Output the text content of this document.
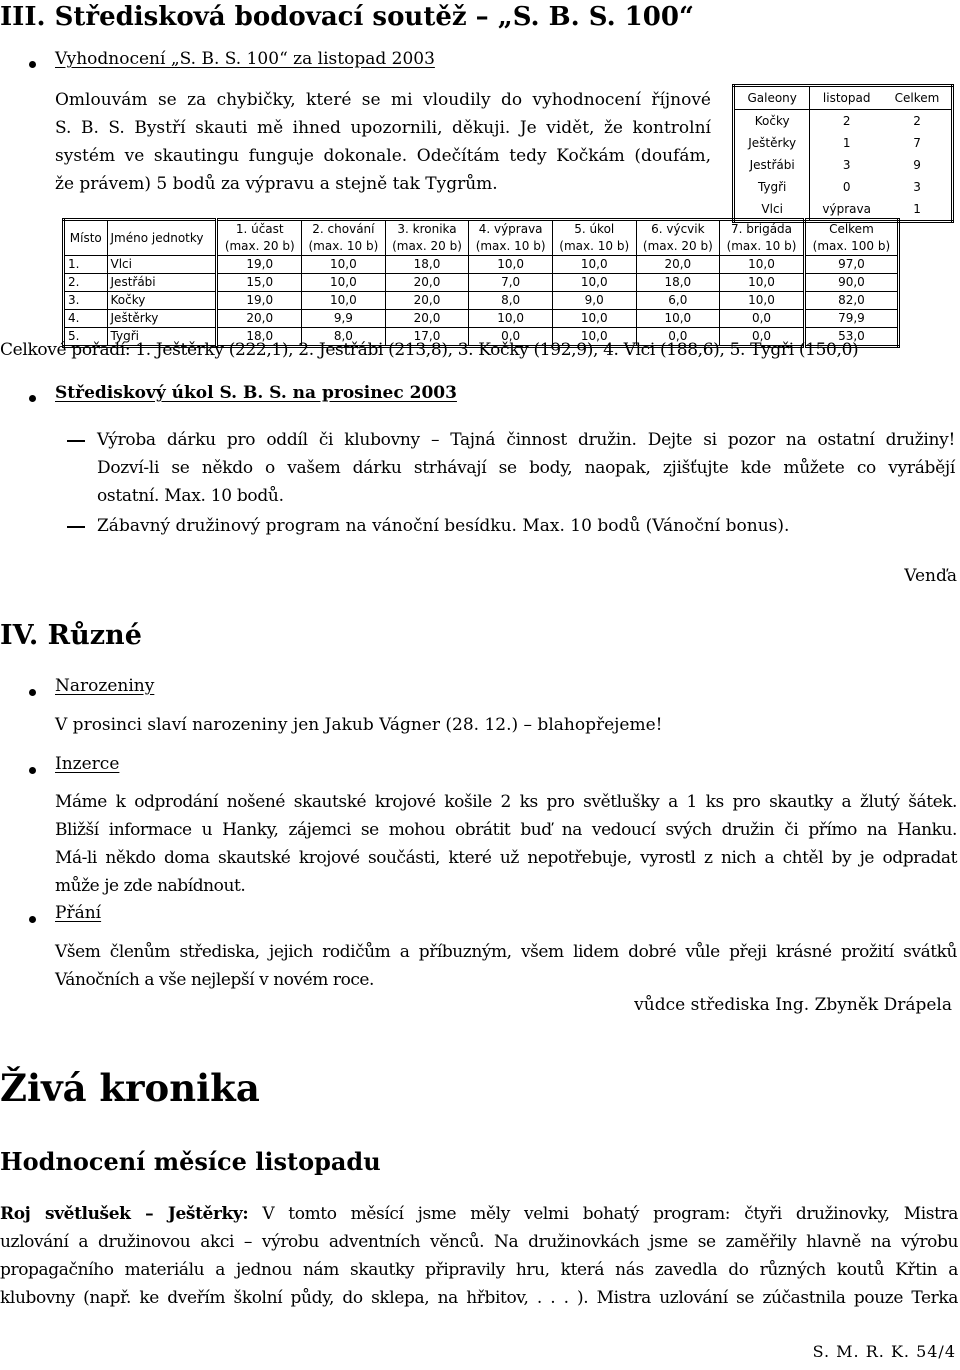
III. Středisková bodovací soutěž – „S. B. S. 100“
Vyhodnocení „S. B. S. 100“ za listopad 2003
Omlouvám se za chybičky, které se mi vloudily do vyhodnocení říjnové
S. B. S. Bystří skauti mě ihned upozornili, děkuji. Je vidět, že kontrolní
systém ve skautingu funguje dokonale. Odečítám tedy Kočkám (doufám,
že právem) 5 bodů za výpravu a stejně tak Tygrům.
Galeony	listopad	Celkem
Kočky	2	2
Ještěrky	1	7
Jestřábi	3	9
Tygři	0	3
Vlci	výprava	1
Místo	Jméno jednotky	1. účast	2. chování	3. kronika	4. výprava	5. úkol	6. výcvik	7. brigáda	Celkem
		(max. 20 b)	(max. 10 b)	(max. 20 b)	(max. 10 b)	(max. 10 b)	(max. 20 b)	(max. 10 b)	(max. 100 b)
1.	Vlci	19,0	10,0	18,0	10,0	10,0	20,0	10,0	97,0
2.	Jestřábi	15,0	10,0	20,0	7,0	10,0	18,0	10,0	90,0
3.	Kočky	19,0	10,0	20,0	8,0	9,0	6,0	10,0	82,0
4.	Ještěrky	20,0	9,9	20,0	10,0	10,0	10,0	0,0	79,9
5.	Tygři	18,0	8,0	17,0	0,0	10,0	0,0	0,0	53,0
Celkové pořadí: 1. Ještěrky (222,1), 2. Jestřábi (213,8), 3. Kočky (192,9), 4. Vlci (188,6), 5. Tygři (150,0)
Střediskový úkol S. B. S. na prosinec 2003
Výroba dárku pro oddíl či klubovny – Tajná činnost družin. Dejte si pozor na ostatní družiny!
Dozví-li se někdo o vašem dárku strhávají se body, naopak, zjišťujte kde můžete co vyrábějí
ostatní. Max. 10 bodů.
Zábavný družinový program na vánoční besídku. Max. 10 bodů (Vánoční bonus).
Venďa
IV. Různé
Narozeniny
V prosinci slaví narozeniny jen Jakub Vágner (28. 12.) – blahopřejeme!
Inzerce
Máme k odprodání nošené skautské krojové košile 2 ks pro světlušky a 1 ks pro skautky a žlutý šátek.
Bližší informace u Hanky, zájemci se mohou obrátit buď na vedoucí svých družin či přímo na Hanku.
Má-li někdo doma skautské krojové součásti, které už nepotřebuje, vyrostl z nich a chtěl by je odpradat
může je zde nabídnout.
Přání
Všem členům střediska, jejich rodičům a příbuzným, všem lidem dobré vůle přeji krásné prožití svátků
Vánočních a vše nejlepší v novém roce.
vůdce střediska Ing. Zbyněk Drápela
Živá kronika
Hodnocení měsíce listopadu
Roj světlušek – Ještěrky: V tomto měsící jsme měly velmi bohatý program: čtyři družinovky, Mistra
uzlování a družinovou akci – výrobu adventních věnců. Na družinovkách jsme se zaměřily hlavně na výrobu
propagačního materiálu a jednou nám skautky připravily hru, která nás zavedla do různých koutů Křtin a
klubovny (např. ke dveřím školní půdy, do sklepa, na hřbitov, . . . ). Mistra uzlování se zúčastnila pouze Terka
S. M. R. K. 54/4
